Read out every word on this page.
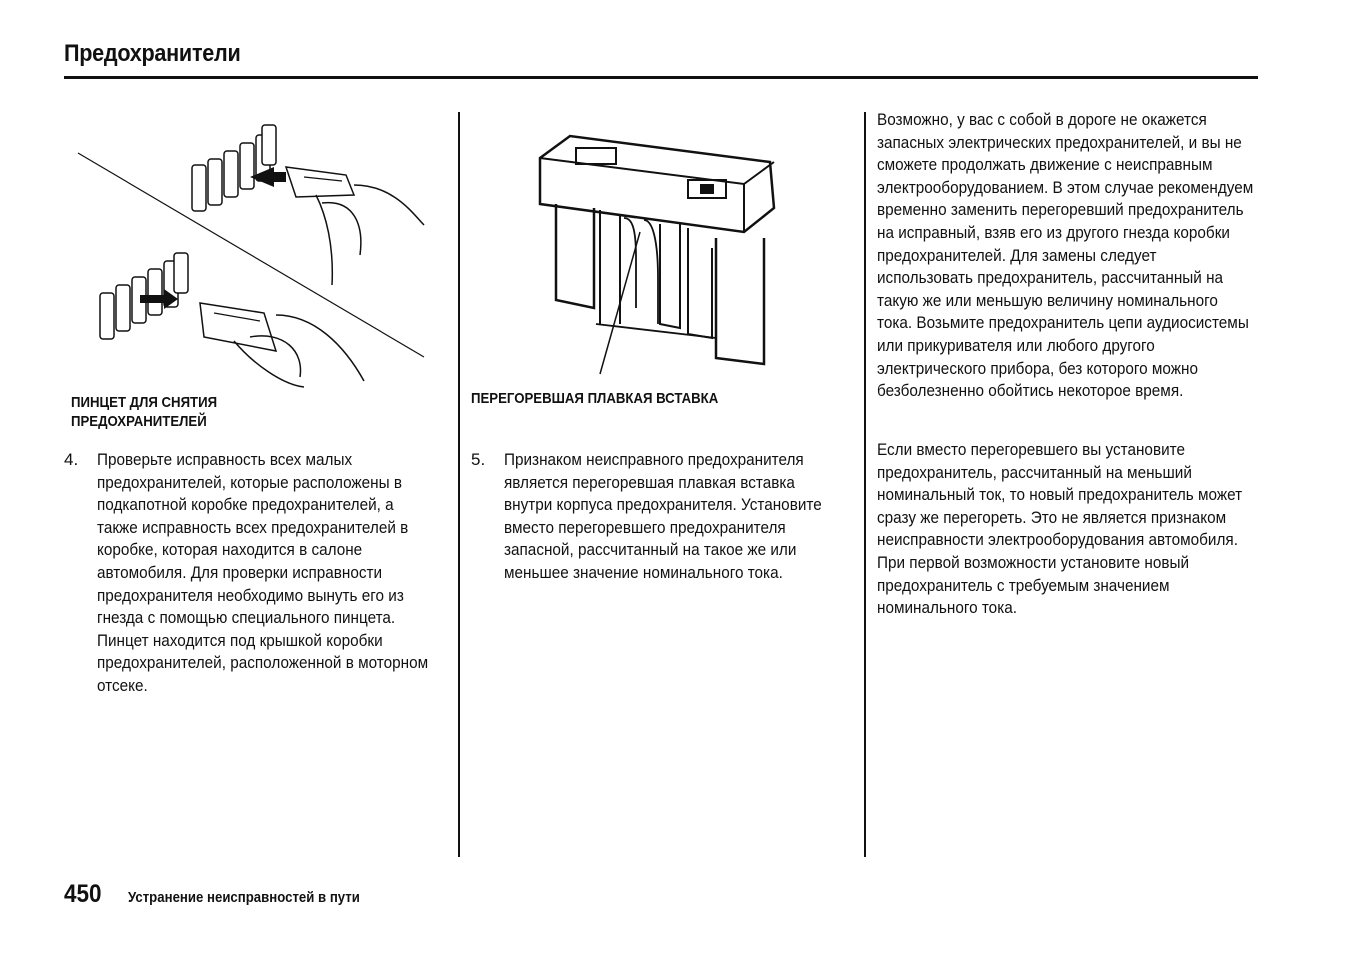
Предохранители
ПИНЦЕТ ДЛЯ СНЯТИЯ
ПРЕДОХРАНИТЕЛЕЙ
ПЕРЕГОРЕВШАЯ ПЛАВКАЯ ВСТАВКА
4. Проверьте исправность всех малых предохранителей, которые расположены в подкапотной коробке предохранителей, а также исправность всех предохранителей в коробке, которая находится в салоне автомобиля. Для проверки исправности предохранителя необходимо вынуть его из гнезда с помощью специального пинцета. Пинцет находится под крышкой коробки предохранителей, расположенной в моторном отсеке.
5. Признаком неисправного предохранителя является перегоревшая плавкая вставка внутри корпуса предохранителя. Установите вместо перегоревшего предохранителя запасной, рассчитанный на такое же или меньшее значение номинального тока.
Возможно, у вас с собой в дороге не окажется запасных электрических предохранителей, и вы не сможете продолжать движение с неисправным электрооборудованием. В этом случае рекомендуем временно заменить перегоревший предохранитель на исправный, взяв его из другого гнезда коробки предохранителей. Для замены следует использовать предохранитель, рассчитанный на такую же или меньшую величину номинального тока. Возьмите предохранитель цепи аудиосистемы или прикуривателя или любого другого электрического прибора, без которого можно безболезненно обойтись некоторое время.
Если вместо перегоревшего вы установите предохранитель, рассчитанный на меньший номинальный ток, то новый предохранитель может сразу же перегореть. Это не является признаком неисправности электрооборудования автомобиля. При первой возможности установите новый предохранитель с требуемым значением номинального тока.
450 Устранение неисправностей в пути
